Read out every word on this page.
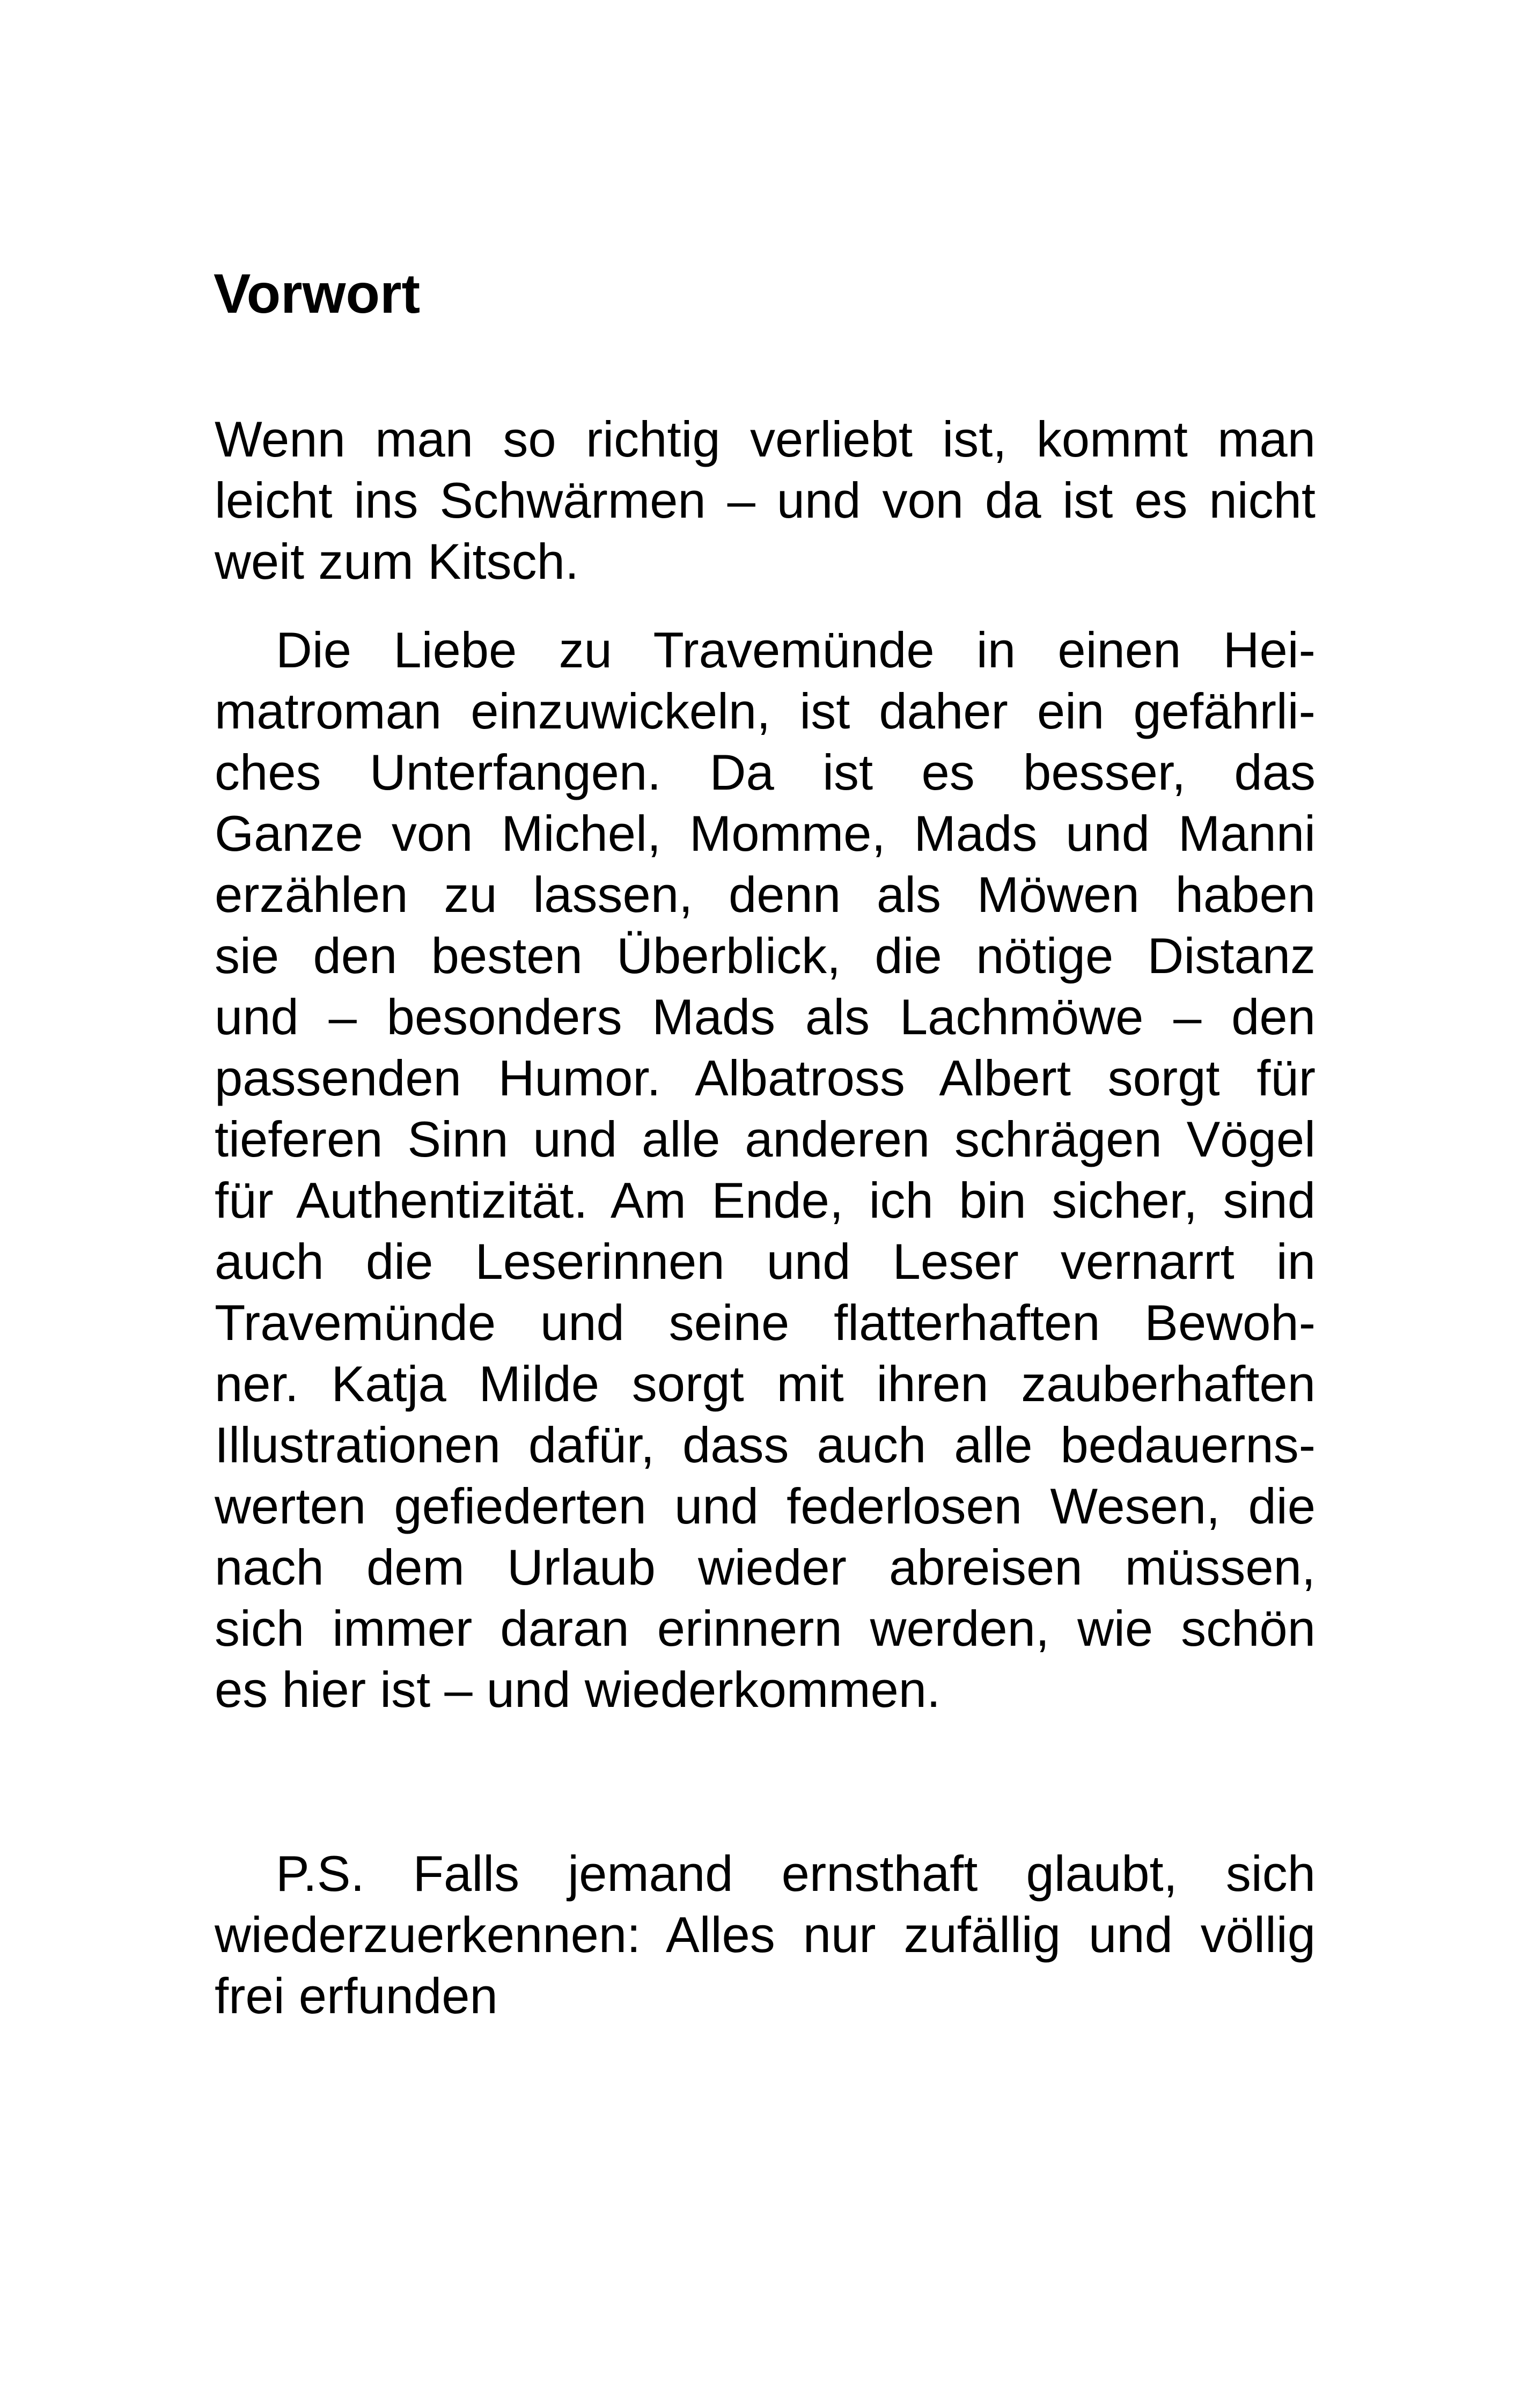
Vorwort
Wenn man so richtig verliebt ist, kommt man
leicht ins Schwärmen – und von da ist es nicht
weit zum Kitsch.
Die Liebe zu Travemünde in einen Hei-
matroman einzuwickeln, ist daher ein gefährli-
ches Unterfangen. Da ist es besser, das
Ganze von Michel, Momme, Mads und Manni
erzählen zu lassen, denn als Möwen haben
sie den besten Überblick, die nötige Distanz
und – besonders Mads als Lachmöwe – den
passenden Humor. Albatross Albert sorgt für
tieferen Sinn und alle anderen schrägen Vögel
für Authentizität. Am Ende, ich bin sicher, sind
auch die Leserinnen und Leser vernarrt in
Travemünde und seine flatterhaften Bewoh-
ner. Katja Milde sorgt mit ihren zauberhaften
Illustrationen dafür, dass auch alle bedauerns-
werten gefiederten und federlosen Wesen, die
nach dem Urlaub wieder abreisen müssen,
sich immer daran erinnern werden, wie schön
es hier ist – und wiederkommen.
P.S. Falls jemand ernsthaft glaubt, sich
wiederzuerkennen: Alles nur zufällig und völlig
frei erfunden
